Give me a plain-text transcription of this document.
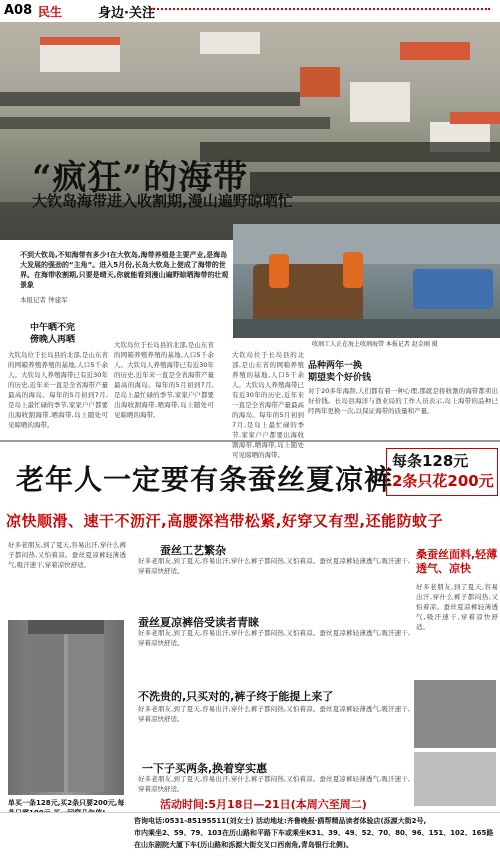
A08 民生	身边·关注
“疯狂”的海带
大钦岛海带进入收割期,漫山遍野晾晒忙
不到大钦岛,不知海带有多少!在大钦岛,海带养殖是主要产业,是海岛大发展的强劲的“主角”。进入5月份,长岛大钦岛上便成了海带的世界。在海带收割期,只要是晴天,你就能看到漫山遍野晾晒海带的壮观景象
本报记者 钟建军
中午晒不完
傍晚人再晒
大钦岛位于长岛县的北部,是山东省的网箱养殖养殖的基地,人口5千余人。大钦岛人养殖海带已有近30年的历史,近年来一直是全省海带产量最高的海岛。每年的5月初到7月,是岛上最忙碌的季节,家家户户都要出海收割海带,晒海带,岛上随处可见晾晒的海带。
大钦岛位于长岛县的北部,是山东省的网箱养殖养殖的基地,人口5千余人。大钦岛人养殖海带已有近30年的历史,近年来一直是全省海带产量最高的海岛。每年的5月初到7月,是岛上最忙碌的季节,家家户户都要出海收割海带,晒海带,岛上随处可见晾晒的海带。
收割工人正在海上收割海带 本报记者 赵金刚 摄
大钦岛位于长岛县的北部,是山东省的网箱养殖养殖的基地,人口5千余人。大钦岛人养殖海带已有近30年的历史,近年来一直是全省海带产量最高的海岛。每年的5月初到7月,是岛上最忙碌的季节,家家户户都要出海收割海带,晒海带,岛上随处可见晾晒的海带。
品种两年一换
期望卖个好价钱
对于20多年海龄,人们都有着一种心理,那就是将收割的海带都卖出好价钱。长岛县海洋与渔业局的工作人员表示,岛上海带的品种已经两年更换一次,以保证海带的质量和产量。
老年人一定要有条蚕丝夏凉裤
每条128元
2条只花200元
凉快顺滑、速干不沥汗,高腰深裆带松紧,好穿又有型,还能防蚊子
好多老朋友,到了夏天,容易出汗,穿什么裤子都闷热,又怕着凉。蚕丝夏凉裤轻薄透气,吸汗速干,穿着凉快舒适。
单买一条128元,买2条只要200元,每
蚕丝工艺繁杂
好多老朋友,到了夏天,容易出汗,穿什么裤子都闷热,又怕着凉。蚕丝夏凉裤轻薄透气,吸汗速干,穿着凉快舒适。
蚕丝夏凉裤倍受读者青睐
好多老朋友,到了夏天,容易出汗,穿什么裤子都闷热,又怕着凉。蚕丝夏凉裤轻薄透气,吸汗速干,穿着凉快舒适。
不洗贵的,只买对的,裤子终于能提上来了
好多老朋友,到了夏天,容易出汗,穿什么裤子都闷热,又怕着凉。蚕丝夏凉裤轻薄透气,吸汗速干,穿着凉快舒适。
一下子买两条,换着穿实惠
好多老朋友,到了夏天,容易出汗,穿什么裤子都闷热,又怕着凉。蚕丝夏凉裤轻薄透气,吸汗速干,穿着凉快舒适。
桑蚕丝面料,轻薄透气、凉快
好多老朋友,到了夏天,容易出汗,穿什么裤子都闷热,又怕着凉。蚕丝夏凉裤轻薄透气,吸汗速干,穿着凉快舒适。
活动时间:5月18日—21日(本周六至周二)
咨询电话:0531-85195511(刘女士) 活动地址:齐鲁晚报·鸥帮精品读者体验店(泺源大街2号,
市内乘坐2、59、79、103在历山路和平路下车或乘坐K31、39、49、52、70、80、96、151、102、165路
在山东剧院大厦下车(历山路和泺源大街交叉口西南角,青岛银行北侧)。
